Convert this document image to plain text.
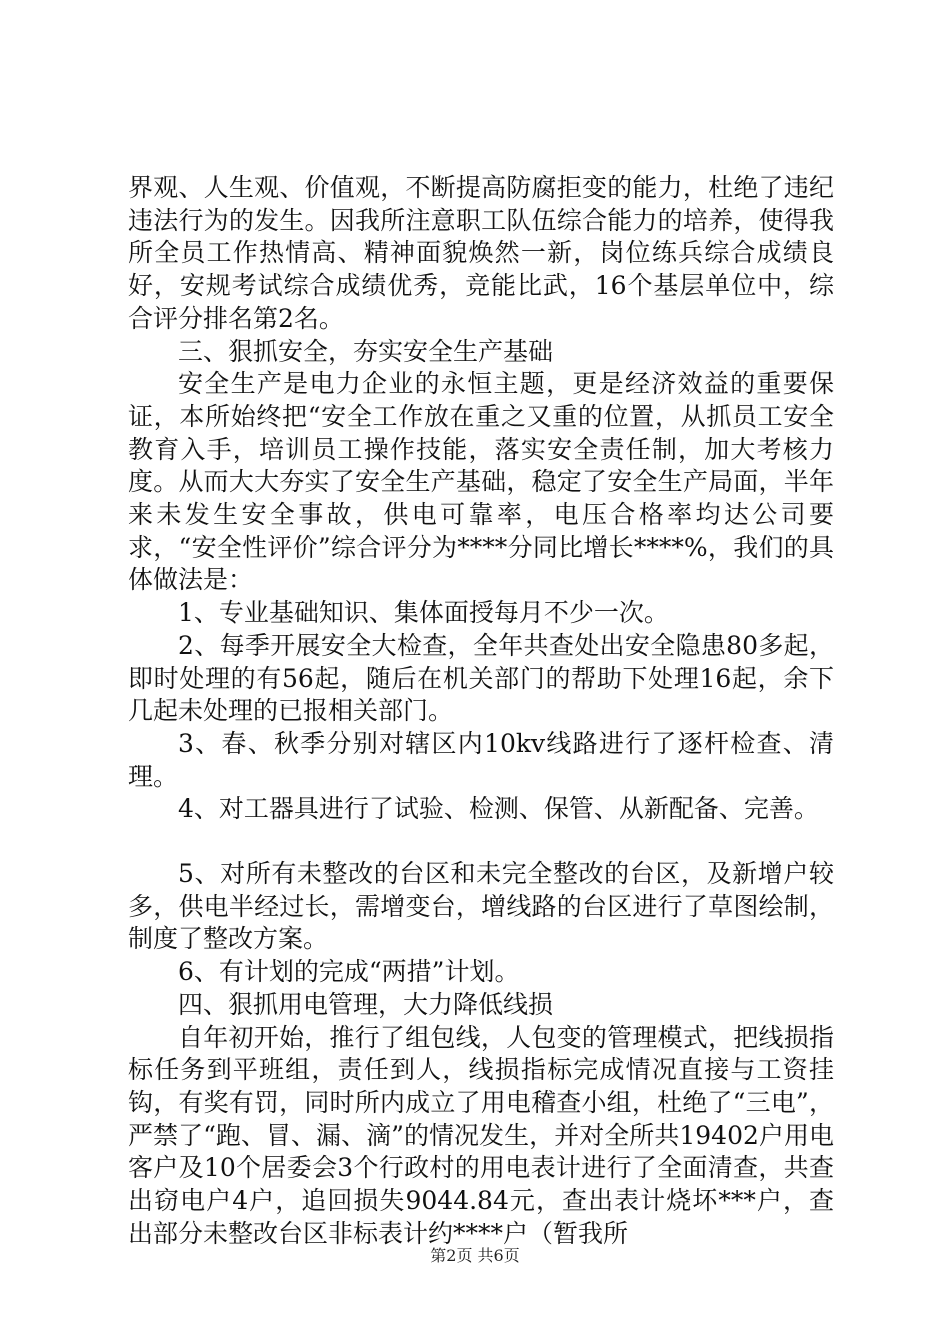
界观、人生观、价值观，不断提高防腐拒变的能力，杜绝了违纪违法行为的发生。因我所注意职工队伍综合能力的培养，使得我所全员工作热情高、精神面貌焕然一新，岗位练兵综合成绩良好，安规考试综合成绩优秀，竞能比武，16个基层单位中，综合评分排名第2名。

三、狠抓安全，夯实安全生产基础

安全生产是电力企业的永恒主题，更是经济效益的重要保证，本所始终把“安全工作放在重之又重的位置，从抓员工安全教育入手，培训员工操作技能，落实安全责任制，加大考核力度。从而大大夯实了安全生产基础，稳定了安全生产局面，半年来未发生安全事故，供电可靠率，电压合格率均达公司要求，“安全性评价”综合评分为****分同比增长****%，我们的具体做法是：

1、专业基础知识、集体面授每月不少一次。

2、每季开展安全大检查，全年共查处出安全隐患80多起，即时处理的有56起，随后在机关部门的帮助下处理16起，余下几起未处理的已报相关部门。

3、春、秋季分别对辖区内10kv线路进行了逐杆检查、清理。

4、对工器具进行了试验、检测、保管、从新配备、完善。

5、对所有未整改的台区和未完全整改的台区，及新增户较多，供电半经过长，需增变台，增线路的台区进行了草图绘制，制度了整改方案。

6、有计划的完成“两措”计划。

四、狠抓用电管理，大力降低线损

自年初开始，推行了组包线，人包变的管理模式，把线损指标任务到平班组，责任到人，线损指标完成情况直接与工资挂钩，有奖有罚，同时所内成立了用电稽查小组，杜绝了“三电”，严禁了“跑、冒、漏、滴”的情况发生，并对全所共19402户用电客户及10个居委会3个行政村的用电表计进行了全面清查，共查出窃电户4户，追回损失9044.84元，查出表计烧坏***户，查出部分未整改台区非标表计约****户（暂我所

第2页 共6页
